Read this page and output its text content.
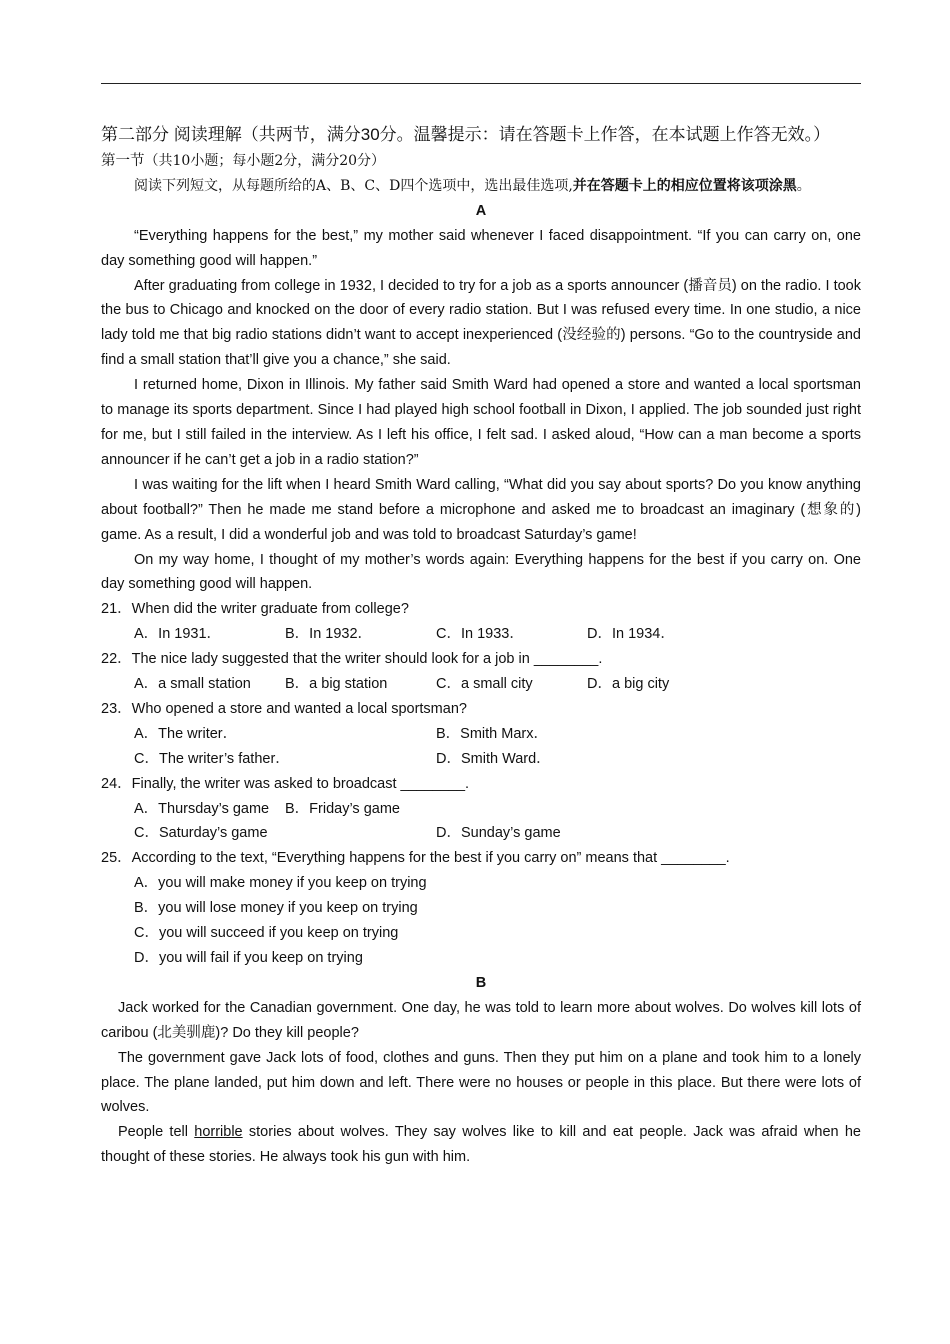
第二部分 阅读理解（共两节，满分30分。温馨提示：请在答题卡上作答，在本试题上作答无效。）

第一节（共10小题；每小题2分，满分20分）

阅读下列短文，从每题所给的A、B、C、D四个选项中，选出最佳选项,并在答题卡上的相应位置将该项涂黑。

A

“Everything happens for the best,” my mother said whenever I faced disappointment. “If you can carry on, one day something good will happen.”

After graduating from college in 1932, I decided to try for a job as a sports announcer (播音员) on the radio. I took the bus to Chicago and knocked on the door of every radio station. But I was refused every time. In one studio, a nice lady told me that big radio stations didn’t want to accept inexperienced (没经验的) persons. “Go to the countryside and find a small station that’ll give you a chance,” she said.

I returned home, Dixon in Illinois. My father said Smith Ward had opened a store and wanted a local sportsman to manage its sports department. Since I had played high school football in Dixon, I applied. The job sounded just right for me, but I still failed in the interview. As I left his office, I felt sad. I asked aloud, “How can a man become a sports announcer if he can’t get a job in a radio station?”

I was waiting for the lift when I heard Smith Ward calling, “What did you say about sports? Do you know anything about football?” Then he made me stand before a microphone and asked me to broadcast an imaginary (想象的) game. As a result, I did a wonderful job and was told to broadcast Saturday’s game!

On my way home, I thought of my mother’s words again: Everything happens for the best if you carry on. One day something good will happen.

21．When did the writer graduate from college?

A．In 1931．	B．In 1932．	C．In 1933．	D．In 1934．

22．The nice lady suggested that the writer should look for a job in ________.

A．a small station	B．a big station	C．a small city	D．a big city

23．Who opened a store and wanted a local sportsman?

A．The writer．	B．Smith Marx．
C．The writer’s father．	D．Smith Ward．

24．Finally, the writer was asked to broadcast ________.

A．Thursday’s game	B．Friday’s game
C．Saturday’s game	D．Sunday’s game

25．According to the text, “Everything happens for the best if you carry on” means that ________.

A．you will make money if you keep on trying

B．you will lose money if you keep on trying

C．you will succeed if you keep on trying

D．you will fail if you keep on trying

B

Jack worked for the Canadian government. One day, he was told to learn more about wolves. Do wolves kill lots of caribou (北美驯鹿)? Do they kill people?

The government gave Jack lots of food, clothes and guns. Then they put him on a plane and took him to a lonely place. The plane landed, put him down and left. There were no houses or people in this place. But there were lots of wolves.

People tell horrible stories about wolves. They say wolves like to kill and eat people. Jack was afraid when he thought of these stories. He always took his gun with him.
